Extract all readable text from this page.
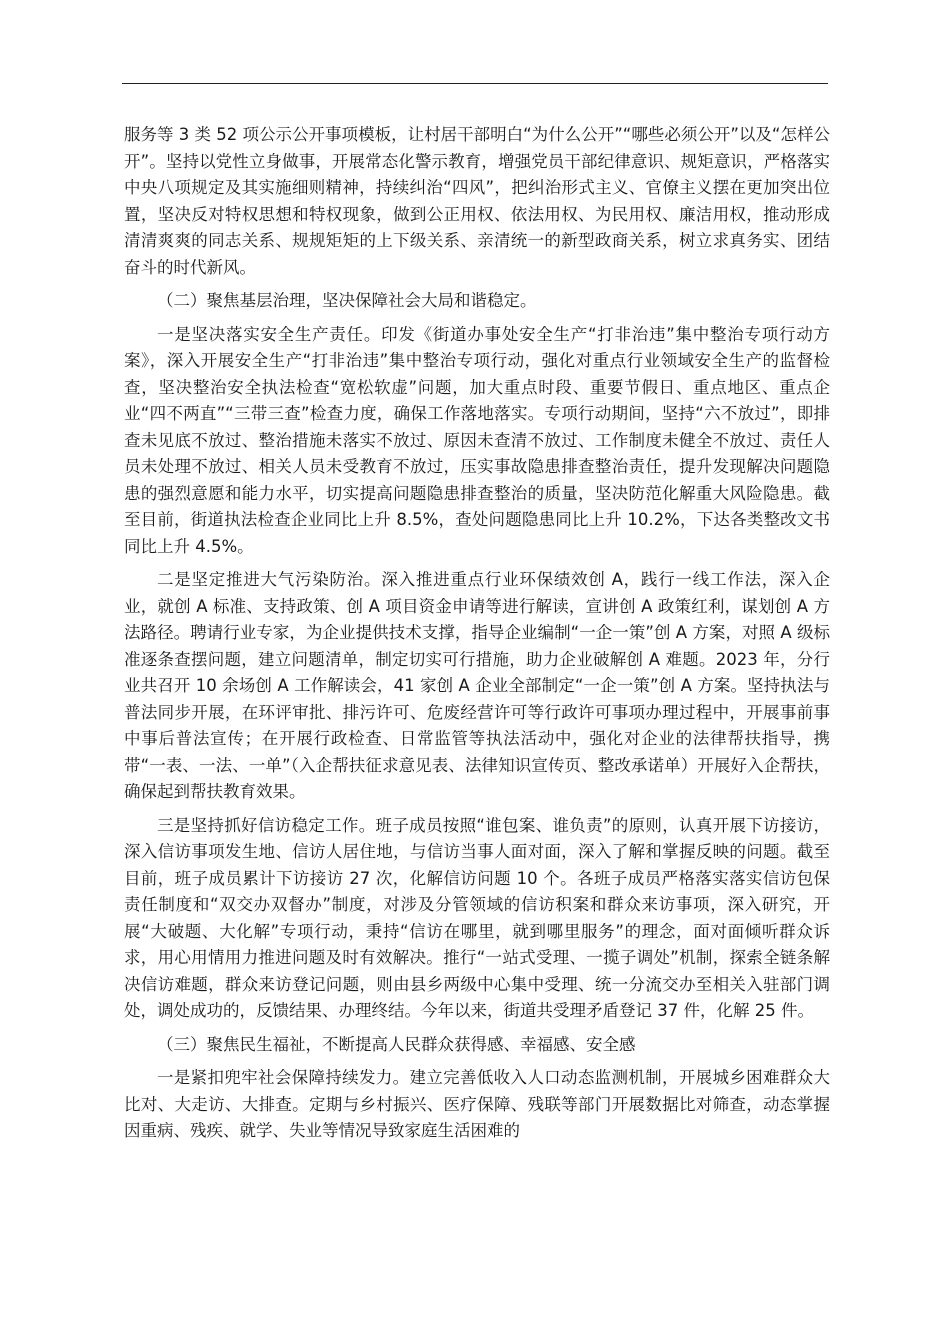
服务等 3 类 52 项公示公开事项模板，让村居干部明白“为什么公开”“哪些必须公开”以及“怎样公开”。坚持以党性立身做事，开展常态化警示教育，增强党员干部纪律意识、规矩意识，严格落实中央八项规定及其实施细则精神，持续纠治“四风”，把纠治形式主义、官僚主义摆在更加突出位置，坚决反对特权思想和特权现象，做到公正用权、依法用权、为民用权、廉洁用权，推动形成清清爽爽的同志关系、规规矩矩的上下级关系、亲清统一的新型政商关系，树立求真务实、团结奋斗的时代新风。

（二）聚焦基层治理，坚决保障社会大局和谐稳定。

一是坚决落实安全生产责任。印发《街道办事处安全生产“打非治违”集中整治专项行动方案》，深入开展安全生产“打非治违”集中整治专项行动，强化对重点行业领域安全生产的监督检查，坚决整治安全执法检查“宽松软虚”问题，加大重点时段、重要节假日、重点地区、重点企业“四不两直”“三带三查”检查力度，确保工作落地落实。专项行动期间，坚持“六不放过”，即排查未见底不放过、整治措施未落实不放过、原因未查清不放过、工作制度未健全不放过、责任人员未处理不放过、相关人员未受教育不放过，压实事故隐患排查整治责任，提升发现解决问题隐患的强烈意愿和能力水平，切实提高问题隐患排查整治的质量，坚决防范化解重大风险隐患。截至目前，街道执法检查企业同比上升 8.5%，查处问题隐患同比上升 10.2%，下达各类整改文书同比上升 4.5%。

二是坚定推进大气污染防治。深入推进重点行业环保绩效创 A，践行一线工作法，深入企业，就创 A 标准、支持政策、创 A 项目资金申请等进行解读，宣讲创 A 政策红利，谋划创 A 方法路径。聘请行业专家，为企业提供技术支撑，指导企业编制“一企一策”创 A 方案，对照 A 级标准逐条查摆问题，建立问题清单，制定切实可行措施，助力企业破解创 A 难题。2023 年，分行业共召开 10 余场创 A 工作解读会，41 家创 A 企业全部制定“一企一策”创 A 方案。坚持执法与普法同步开展，在环评审批、排污许可、危废经营许可等行政许可事项办理过程中，开展事前事中事后普法宣传；在开展行政检查、日常监管等执法活动中，强化对企业的法律帮扶指导，携带“一表、一法、一单”（入企帮扶征求意见表、法律知识宣传页、整改承诺单）开展好入企帮扶，确保起到帮扶教育效果。

三是坚持抓好信访稳定工作。班子成员按照“谁包案、谁负责”的原则，认真开展下访接访，深入信访事项发生地、信访人居住地，与信访当事人面对面，深入了解和掌握反映的问题。截至目前，班子成员累计下访接访 27 次，化解信访问题 10 个。各班子成员严格落实落实信访包保责任制度和“双交办双督办”制度，对涉及分管领域的信访积案和群众来访事项，深入研究，开展“大破题、大化解”专项行动，秉持“信访在哪里，就到哪里服务”的理念，面对面倾听群众诉求，用心用情用力推进问题及时有效解决。推行“一站式受理、一揽子调处”机制，探索全链条解决信访难题，群众来访登记问题，则由县乡两级中心集中受理、统一分流交办至相关入驻部门调处，调处成功的，反馈结果、办理终结。今年以来，街道共受理矛盾登记 37 件，化解 25 件。

（三）聚焦民生福祉，不断提高人民群众获得感、幸福感、安全感

一是紧扣兜牢社会保障持续发力。建立完善低收入人口动态监测机制，开展城乡困难群众大比对、大走访、大排查。定期与乡村振兴、医疗保障、残联等部门开展数据比对筛查，动态掌握因重病、残疾、就学、失业等情况导致家庭生活困难的
